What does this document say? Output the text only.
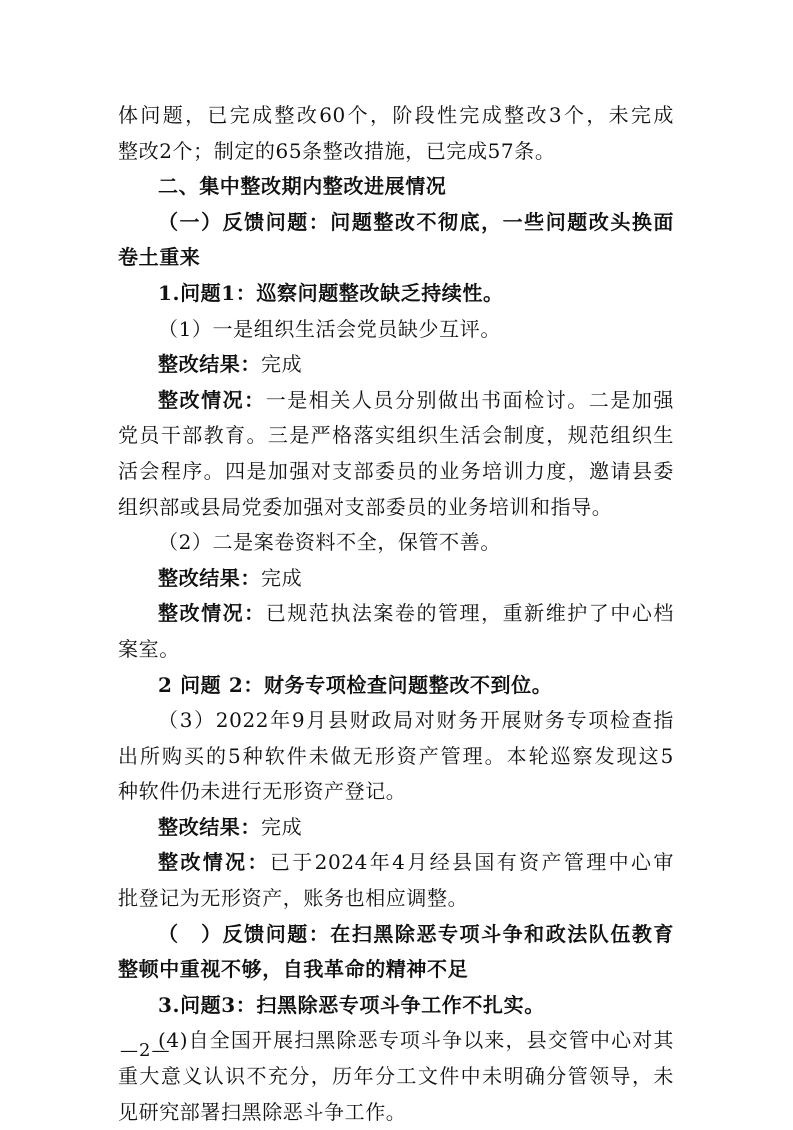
体问题，已完成整改60个，阶段性完成整改3个，未完成
整改2个；制定的65条整改措施，已完成57条。
二、集中整改期内整改进展情况
（一）反馈问题：问题整改不彻底，一些问题改头换面
卷土重来
1.问题1：巡察问题整改缺乏持续性。
（1）一是组织生活会党员缺少互评。
整改结果：完成
整改情况：一是相关人员分别做出书面检讨。二是加强
党员干部教育。三是严格落实组织生活会制度，规范组织生
活会程序。四是加强对支部委员的业务培训力度，邀请县委
组织部或县局党委加强对支部委员的业务培训和指导。
（2）二是案卷资料不全，保管不善。
整改结果：完成
整改情况：已规范执法案卷的管理，重新维护了中心档
案室。
2 问题 2：财务专项检查问题整改不到位。
（3）2022年9月县财政局对财务开展财务专项检查指
出所购买的5种软件未做无形资产管理。本轮巡察发现这5
种软件仍未进行无形资产登记。
整改结果：完成
整改情况：已于2024年4月经县国有资产管理中心审
批登记为无形资产，账务也相应调整。
（　）反馈问题：在扫黑除恶专项斗争和政法队伍教育
整顿中重视不够，自我革命的精神不足
3.问题3：扫黑除恶专项斗争工作不扎实。
(4)自全国开展扫黑除恶专项斗争以来，县交管中心对其
重大意义认识不充分，历年分工文件中未明确分管领导，未
见研究部署扫黑除恶斗争工作。
—2—
